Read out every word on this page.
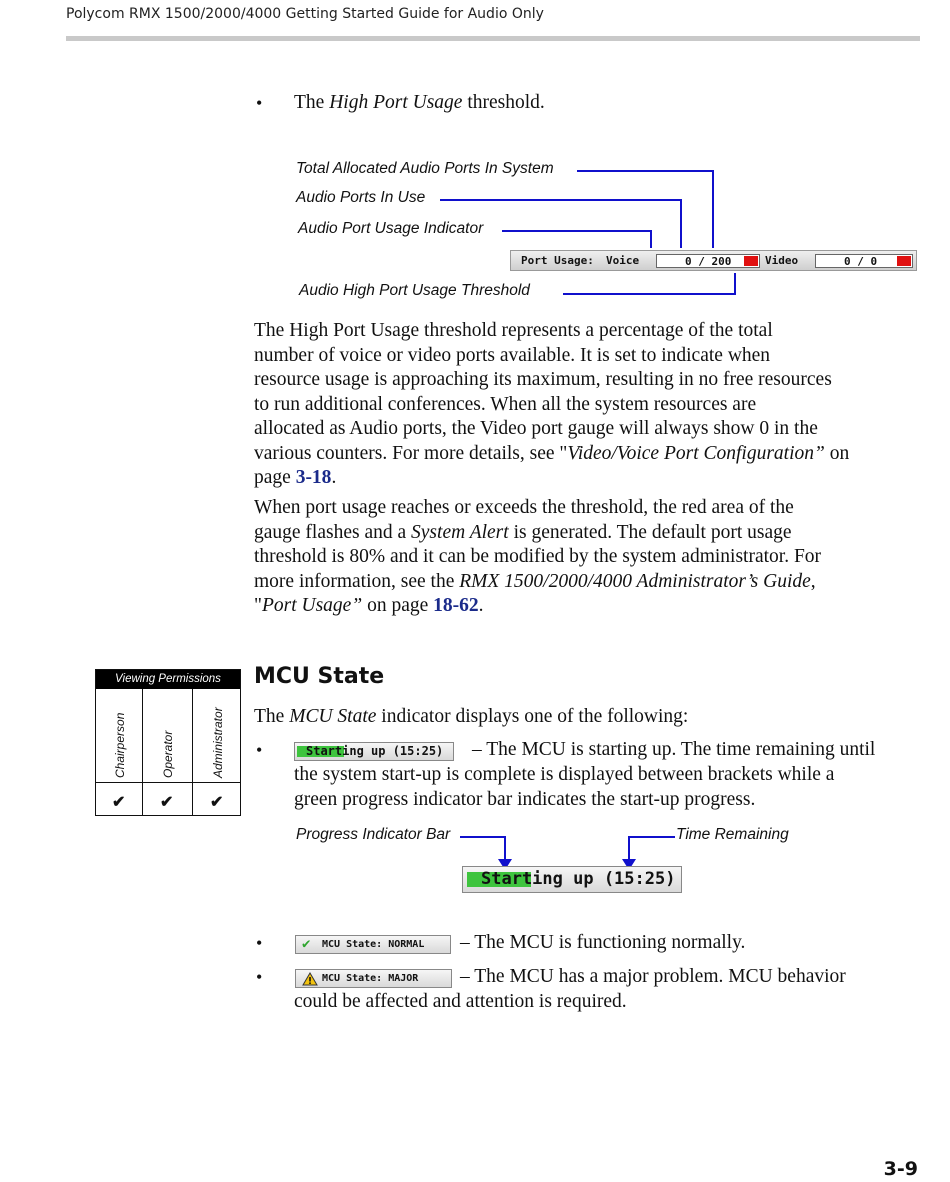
Polycom RMX 1500/2000/4000 Getting Started Guide for Audio Only
• The High Port Usage threshold.
Total Allocated Audio Ports In System
Audio Ports In Use
Audio Port Usage Indicator
Audio High Port Usage Threshold
Port Usage: Voice	0 / 200	Video	0 / 0
The High Port Usage threshold represents a percentage of the total
number of voice or video ports available. It is set to indicate when
resource usage is approaching its maximum, resulting in no free resources
to run additional conferences. When all the system resources are
allocated as Audio ports, the Video port gauge will always show 0 in the
various counters. For more details, see "Video/Voice Port Configuration” on
page 3-18.
When port usage reaches or exceeds the threshold, the red area of the
gauge flashes and a System Alert is generated. The default port usage
threshold is 80% and it can be modified by the system administrator. For
more information, see the RMX 1500/2000/4000 Administrator’s Guide,
"Port Usage” on page 18-62.
Viewing Permissions
Chairperson	Operator	Administrator
✔ ✔ ✔
MCU State
The MCU State indicator displays one of the following:
•	Starting up (15:25) – The MCU is starting up. The time remaining until
the system start-up is complete is displayed between brackets while a
green progress indicator bar indicates the start-up progress.
Progress Indicator Bar	Time Remaining
Starting up (15:25)
•	✔ MCU State: NORMAL – The MCU is functioning normally.
•	MCU State: MAJOR – The MCU has a major problem. MCU behavior
could be affected and attention is required.
3-9
